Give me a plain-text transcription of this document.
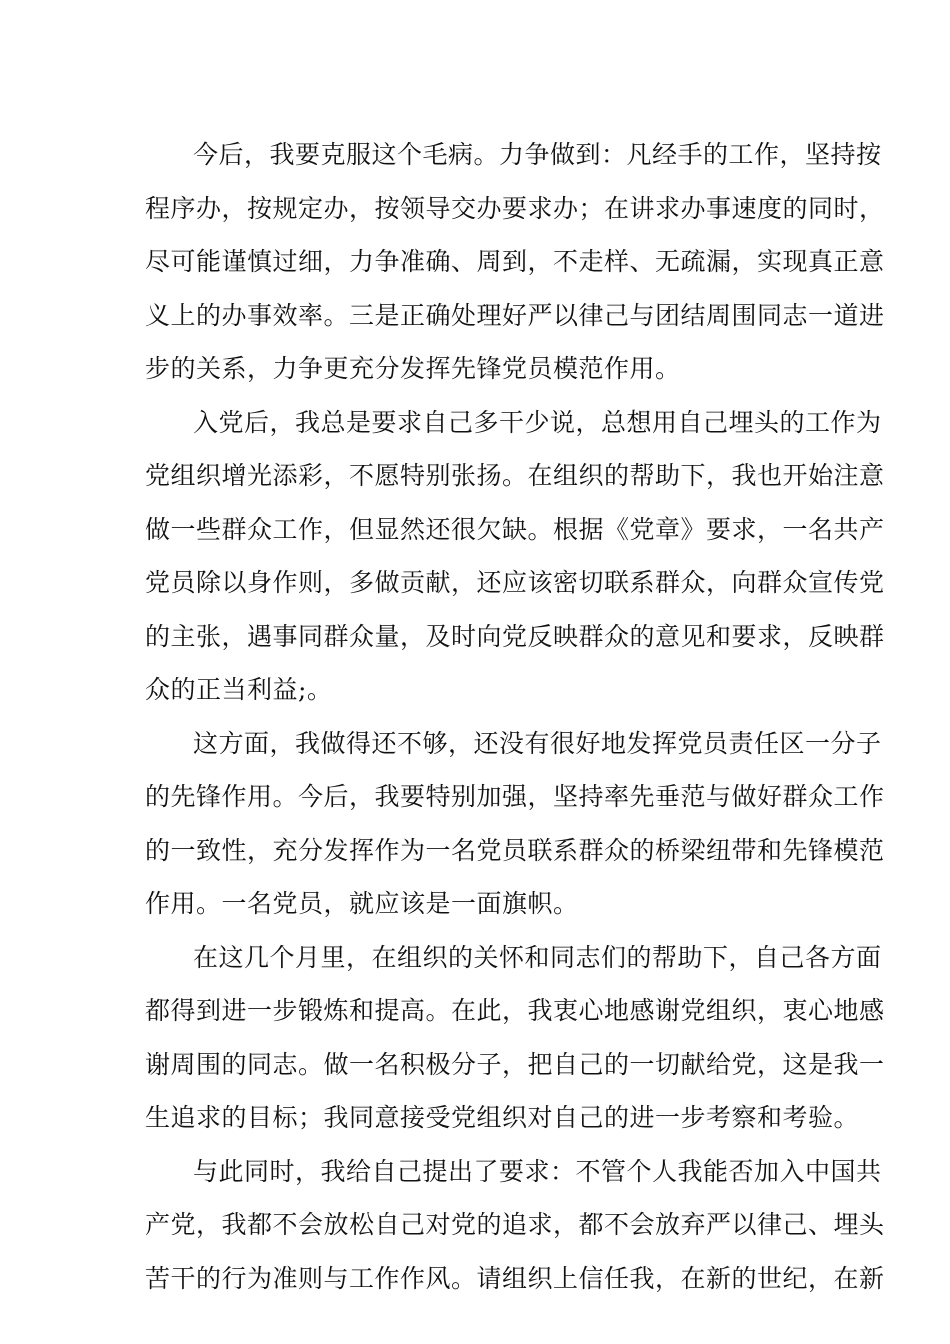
今后，我要克服这个毛病。力争做到：凡经手的工作，坚持按
程序办，按规定办，按领导交办要求办；在讲求办事速度的同时，
尽可能谨慎过细，力争准确、周到，不走样、无疏漏，实现真正意
义上的办事效率。三是正确处理好严以律己与团结周围同志一道进
步的关系，力争更充分发挥先锋党员模范作用。
入党后，我总是要求自己多干少说，总想用自己埋头的工作为
党组织增光添彩，不愿特别张扬。在组织的帮助下，我也开始注意
做一些群众工作，但显然还很欠缺。根据《党章》要求，一名共产
党员除以身作则，多做贡献，还应该密切联系群众，向群众宣传党
的主张，遇事同群众量，及时向党反映群众的意见和要求，反映群
众的正当利益;。
这方面，我做得还不够，还没有很好地发挥党员责任区一分子
的先锋作用。今后，我要特别加强，坚持率先垂范与做好群众工作
的一致性，充分发挥作为一名党员联系群众的桥梁纽带和先锋模范
作用。一名党员，就应该是一面旗帜。
在这几个月里，在组织的关怀和同志们的帮助下，自己各方面
都得到进一步锻炼和提高。在此，我衷心地感谢党组织，衷心地感
谢周围的同志。做一名积极分子，把自己的一切献给党，这是我一
生追求的目标；我同意接受党组织对自己的进一步考察和考验。
与此同时，我给自己提出了要求：不管个人我能否加入中国共
产党，我都不会放松自己对党的追求，都不会放弃严以律己、埋头
苦干的行为准则与工作作风。请组织上信任我，在新的世纪，在新
